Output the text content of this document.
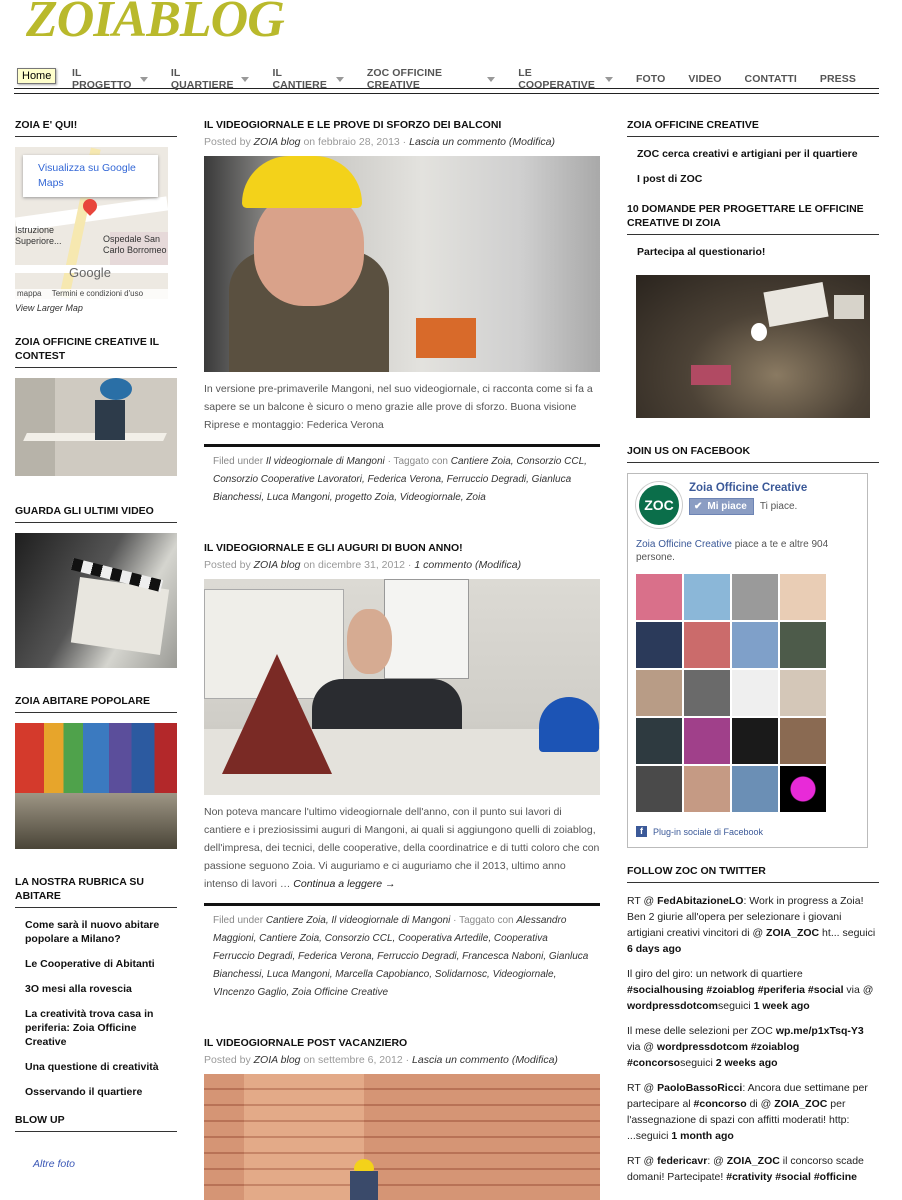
ZOIABLOG
Home	IL PROGETTO
IL QUARTIERE
IL CANTIERE
ZOC OFFICINE CREATIVE
LE COOPERATIVE	FOTO VIDEO CONTATTI PRESS
ZOIA E' QUI!
Visualizza su Google Maps
Istruzione Superiore...	Ospedale San Carlo Borromeo
Google
mappa Termini e condizioni d'uso
View Larger Map
ZOIA OFFICINE CREATIVE IL CONTEST
GUARDA GLI ULTIMI VIDEO
ZOIA ABITARE POPOLARE
LA NOSTRA RUBRICA SU ABITARE
Come sarà il nuovo abitare popolare a Milano?
Le Cooperative di Abitanti
3O mesi alla rovescia
La creatività trova casa in periferia: Zoia Officine Creative
Una questione di creatività
Osservando il quartiere
BLOW UP
Altre foto
IL VIDEOGIORNALE E LE PROVE DI SFORZO DEI BALCONI
Posted by ZOIA blog on febbraio 28, 2013 · Lascia un commento (Modifica)
In versione pre-primaverile Mangoni, nel suo videogiornale, ci racconta come si fa a sapere se un balcone è sicuro o meno grazie alle prove di sforzo. Buona visione Riprese e montaggio: Federica Verona
Filed under Il videogiornale di Mangoni · Taggato con Cantiere Zoia, Consorzio CCL, Consorzio Cooperative Lavoratori, Federica Verona, Ferruccio Degradi, Gianluca Bianchessi, Luca Mangoni, progetto Zoia, Videogiornale, Zoia
IL VIDEOGIORNALE E GLI AUGURI DI BUON ANNO!
Posted by ZOIA blog on dicembre 31, 2012 · 1 commento (Modifica)
Non poteva mancare l'ultimo videogiornale dell'anno, con il punto sui lavori di cantiere e i preziosissimi auguri di Mangoni, ai quali si aggiungono quelli di zoiablog, dell'impresa, dei tecnici, delle cooperative, della coordinatrice e di tutti coloro che con passione seguono Zoia. Vi auguriamo e ci auguriamo che il 2013, ultimo anno intenso di lavori … Continua a leggere →
Filed under Cantiere Zoia, Il videogiornale di Mangoni · Taggato con Alessandro Maggioni, Cantiere Zoia, Consorzio CCL, Cooperativa Artedile, Cooperativa Ferruccio Degradi, Federica Verona, Ferruccio Degradi, Francesca Naboni, Gianluca Bianchessi, Luca Mangoni, Marcella Capobianco, Solidarnosc, Videogiornale, VIncenzo Gaglio, Zoia Officine Creative
IL VIDEOGIORNALE POST VACANZIERO
Posted by ZOIA blog on settembre 6, 2012 · Lascia un commento (Modifica)
ZOIA OFFICINE CREATIVE
ZOC cerca creativi e artigiani per il quartiere
I post di ZOC
10 DOMANDE PER PROGETTARE LE OFFICINE CREATIVE DI ZOIA
Partecipa al questionario!
JOIN US ON FACEBOOK
ZOC
Zoia Officine Creative
✔ Mi piace Ti piace.
Zoia Officine Creative piace a te e altre 904 persone.
f	Plug-in sociale di Facebook
FOLLOW ZOC ON TWITTER
RT @ FedAbitazioneLO: Work in progress a Zoia! Ben 2 giurie all'opera per selezionare i giovani artigiani creativi vincitori di @ ZOIA_ZOC ht... seguici 6 days ago
Il giro del giro: un network di quartiere #socialhousing #zoiablog #periferia #social via @ wordpressdotcomseguici 1 week ago
Il mese delle selezioni per ZOC wp.me/p1xTsq-Y3 via @ wordpressdotcom #zoiablog #concorsoseguici 2 weeks ago
RT @ PaoloBassoRicci: Ancora due settimane per partecipare al #concorso di @ ZOIA_ZOC per l'assegnazione di spazi con affitti moderati! http: ...seguici 1 month ago
RT @ federicavr: @ ZOIA_ZOC il concorso scade domani! Partecipate! #crativity #social #officine
